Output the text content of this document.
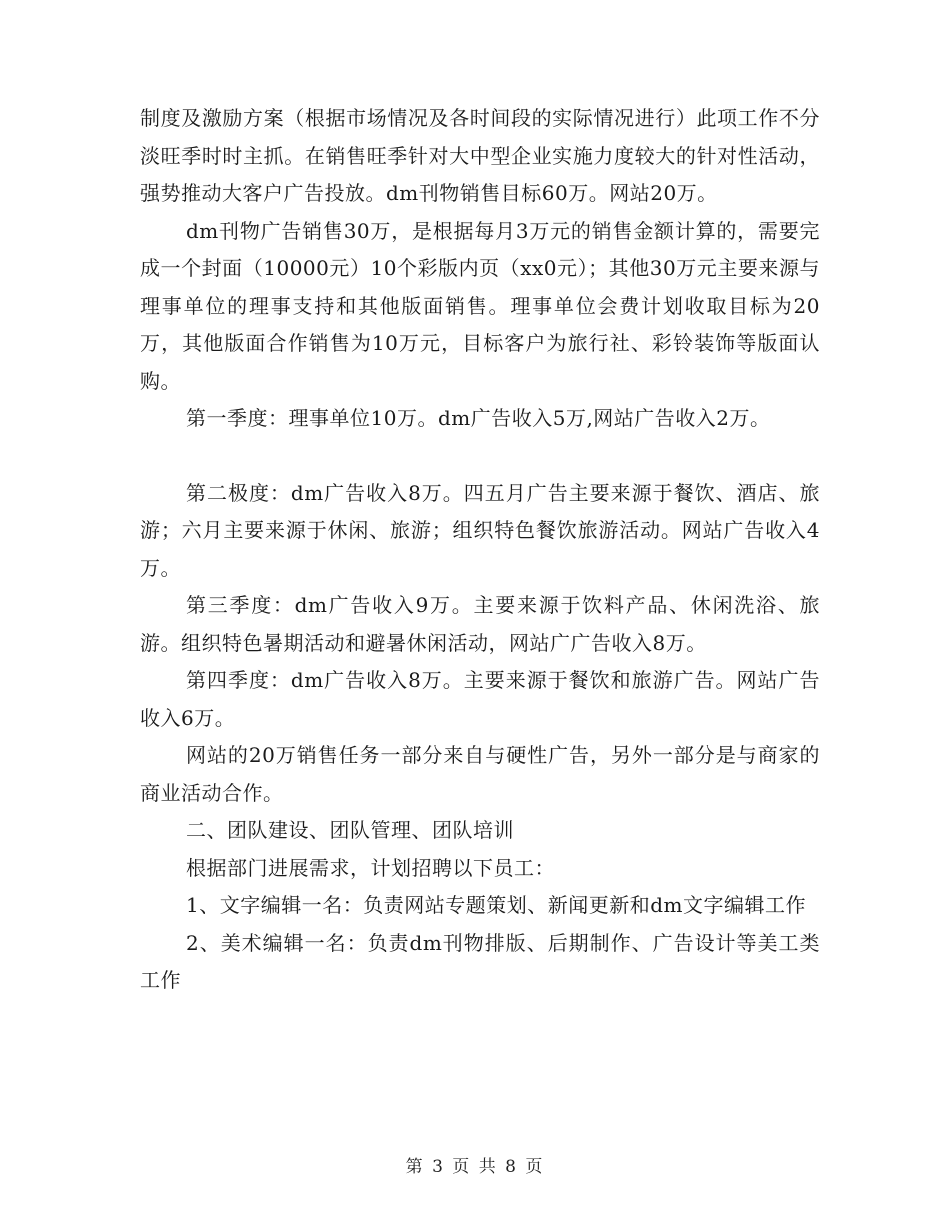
制度及激励方案（根据市场情况及各时间段的实际情况进行）此项工作不分淡旺季时时主抓。在销售旺季针对大中型企业实施力度较大的针对性活动，强势推动大客户广告投放。dm刊物销售目标60万。网站20万。

dm刊物广告销售30万，是根据每月3万元的销售金额计算的，需要完成一个封面（10000元）10个彩版内页（xx0元）；其他30万元主要来源与理事单位的理事支持和其他版面销售。理事单位会费计划收取目标为20万，其他版面合作销售为10万元，目标客户为旅行社、彩铃装饰等版面认购。

第一季度：理事单位10万。dm广告收入5万,网站广告收入2万。

第二极度：dm广告收入8万。四五月广告主要来源于餐饮、酒店、旅游；六月主要来源于休闲、旅游；组织特色餐饮旅游活动。网站广告收入4万。

第三季度：dm广告收入9万。主要来源于饮料产品、休闲洗浴、旅游。组织特色暑期活动和避暑休闲活动，网站广广告收入8万。

第四季度：dm广告收入8万。主要来源于餐饮和旅游广告。网站广告收入6万。

网站的20万销售任务一部分来自与硬性广告，另外一部分是与商家的商业活动合作。

二、团队建设、团队管理、团队培训

根据部门进展需求，计划招聘以下员工：

1、文字编辑一名：负责网站专题策划、新闻更新和dm文字编辑工作

2、美术编辑一名：负责dm刊物排版、后期制作、广告设计等美工类工作

第 3 页 共 8 页
